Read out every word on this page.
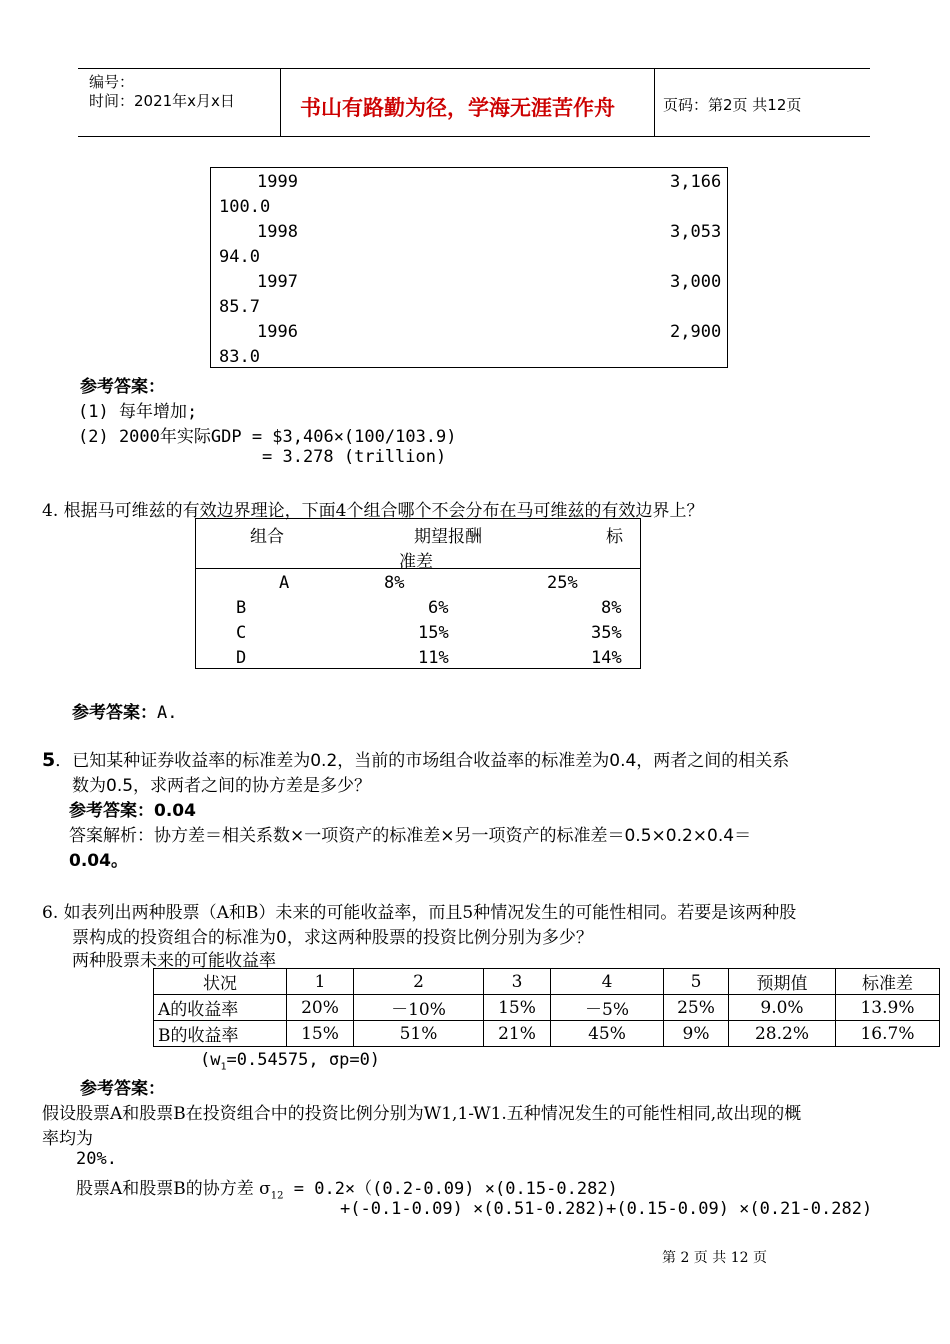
编号：
时间：2021年x月x日	书山有路勤为径，学海无涯苦作舟	页码：第2页 共12页
1999	3,166
100.0
1998	3,053
94.0
1997	3,000
85.7
1996	2,900
83.0
参考答案：
(1) 每年增加;
(2) 2000年实际GDP = $3,406×(100/103.9)
= 3.278 (trillion)
4. 根据马可维兹的有效边界理论，下面4个组合哪个不会分布在马可维兹的有效边界上？
组合	期望报酬	标
准差
A	8%	25%
B	6%	8%
C	15%	35%
D	11%	14%
参考答案：A.
5．已知某种证券收益率的标准差为0.2，当前的市场组合收益率的标准差为0.4，两者之间的相关系
数为0.5，求两者之间的协方差是多少？
参考答案：0.04
答案解析：协方差＝相关系数×一项资产的标准差×另一项资产的标准差＝0.5×0.2×0.4＝
0.04。
6. 如表列出两种股票（A和B）未来的可能收益率，而且5种情况发生的可能性相同。若要是该两种股
票构成的投资组合的标准为0，求这两种股票的投资比例分别为多少？
两种股票未来的可能收益率
状况	1	2	3	4	5	预期值	标准差
A的收益率	20%	－10%	15%	－5%	25%	9.0%	13.9%
B的收益率	15%	51%	21%	45%	9%	28.2%	16.7%
($w_1=0.54575$, σp=0)
参考答案：
假设股票A和股票B在投资组合中的投资比例分别为W1,1-W1.五种情况发生的可能性相同,故出现的概
率均为
20%.
股票A和股票B的协方差 $\sigma_{12} = 0.2\times((0.2-0.09) \times(0.15-0.282)$
+(-0.1-0.09) ×(0.51-0.282)+(0.15-0.09) ×(0.21-0.282)
第 2 页 共 12 页
